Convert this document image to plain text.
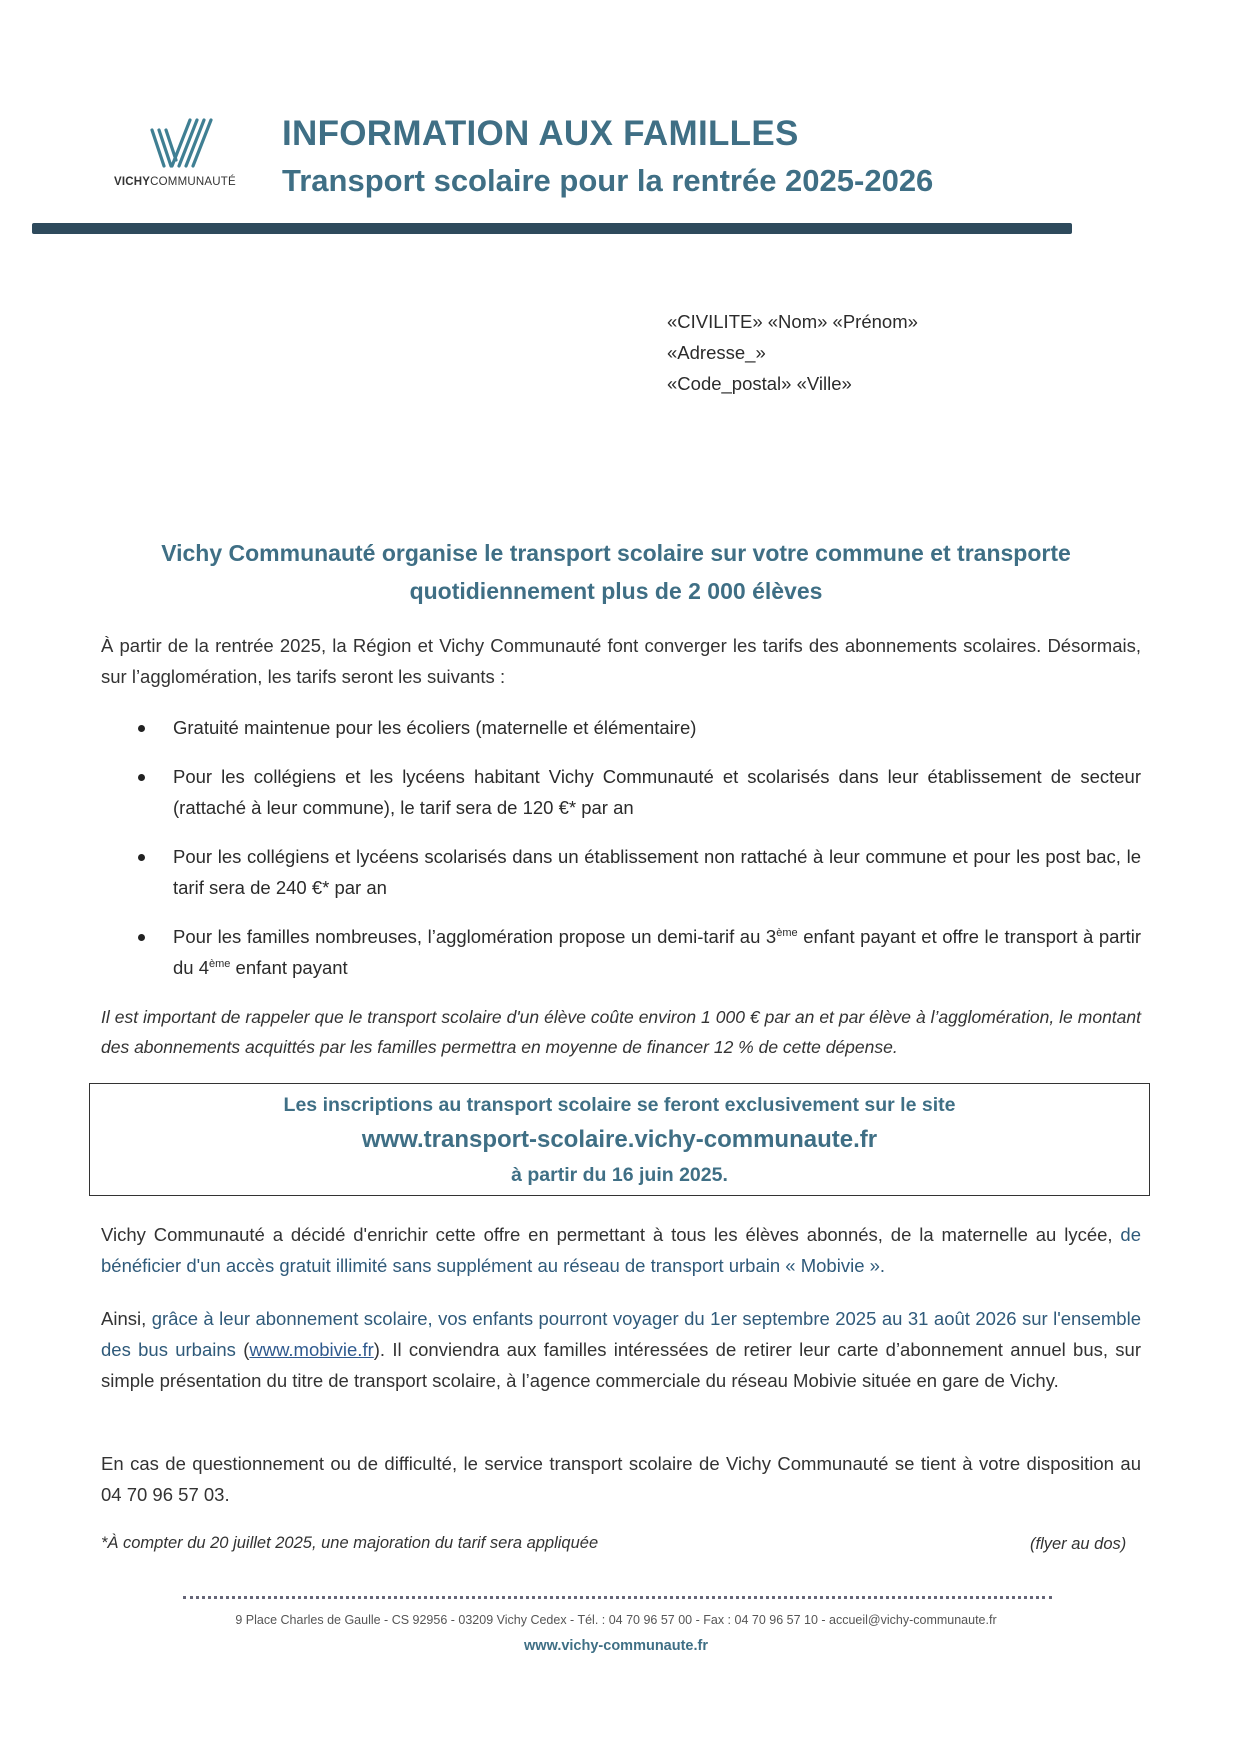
VICHYCOMMUNAUTÉ
INFORMATION AUX FAMILLES
Transport scolaire pour la rentrée 2025-2026
«CIVILITE» «Nom» «Prénom»
«Adresse_»
«Code_postal» «Ville»
Vichy Communauté organise le transport scolaire sur votre commune et transporte
quotidiennement plus de 2 000 élèves
À partir de la rentrée 2025, la Région et Vichy Communauté font converger les tarifs des abonnements scolaires. Désormais, sur l’agglomération, les tarifs seront les suivants :
Gratuité maintenue pour les écoliers (maternelle et élémentaire)
Pour les collégiens et les lycéens habitant Vichy Communauté et scolarisés dans leur établissement de secteur (rattaché à leur commune), le tarif sera de 120 €* par an
Pour les collégiens et lycéens scolarisés dans un établissement non rattaché à leur commune et pour les post bac, le tarif sera de 240 €* par an
Pour les familles nombreuses, l’agglomération propose un demi-tarif au 3ème enfant payant et offre le transport à partir du 4ème enfant payant
Il est important de rappeler que le transport scolaire d'un élève coûte environ 1 000 € par an et par élève à l’agglomération, le montant des abonnements acquittés par les familles permettra en moyenne de financer 12 % de cette dépense.
Les inscriptions au transport scolaire se feront exclusivement sur le site
www.transport-scolaire.vichy-communaute.fr
à partir du 16 juin 2025.
Vichy Communauté a décidé d'enrichir cette offre en permettant à tous les élèves abonnés, de la maternelle au lycée, de bénéficier d'un accès gratuit illimité sans supplément au réseau de transport urbain « Mobivie ».
Ainsi, grâce à leur abonnement scolaire, vos enfants pourront voyager du 1er septembre 2025 au 31 août 2026 sur l'ensemble des bus urbains (www.mobivie.fr). Il conviendra aux familles intéressées de retirer leur carte d’abonnement annuel bus, sur simple présentation du titre de transport scolaire, à l’agence commerciale du réseau Mobivie située en gare de Vichy.
En cas de questionnement ou de difficulté, le service transport scolaire de Vichy Communauté se tient à votre disposition au 04 70 96 57 03.
*À compter du 20 juillet 2025, une majoration du tarif sera appliquée	(flyer au dos)
9 Place Charles de Gaulle - CS 92956 - 03209 Vichy Cedex - Tél. : 04 70 96 57 00 - Fax : 04 70 96 57 10 - accueil@vichy-communaute.fr
www.vichy-communaute.fr
